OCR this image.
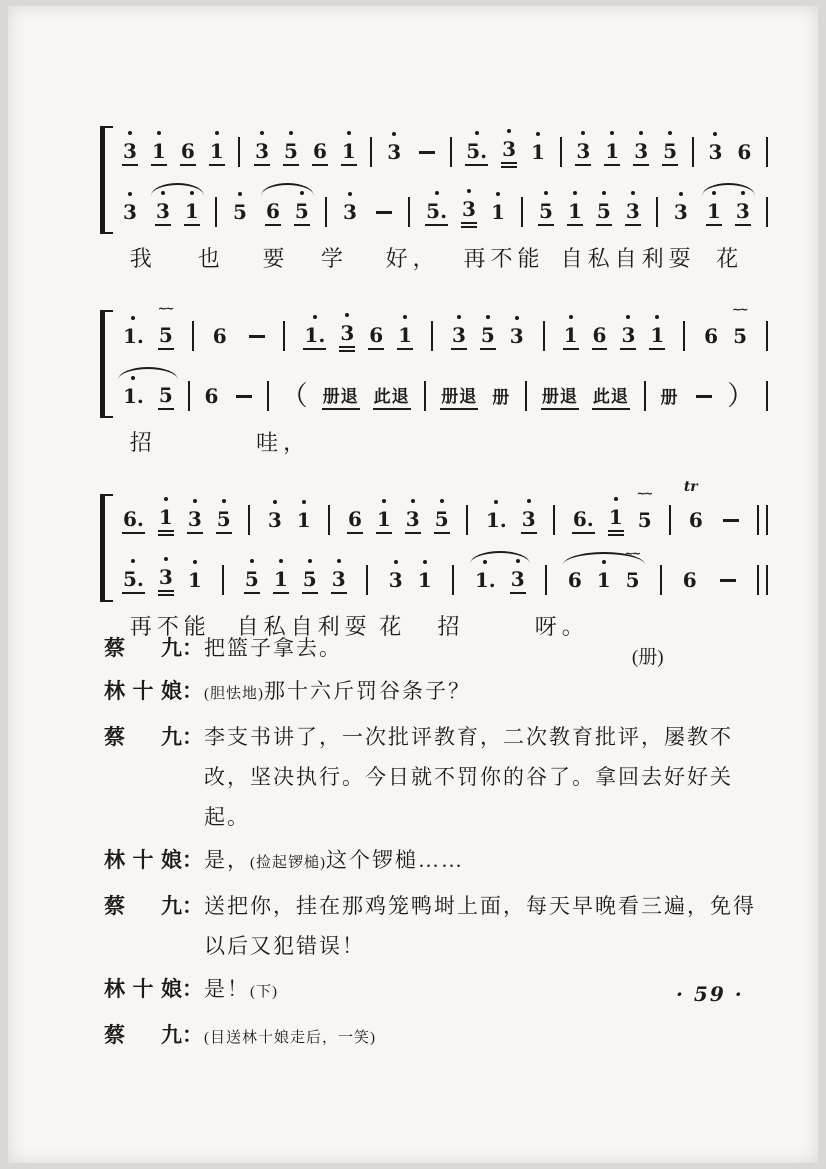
3 1 6 1 3 5 6 1 3	5. 3 1 3 1 3 5 3 6
3 3 1 5 6 5 3	5. 3 1 5 1 5 3 3 1 3
我 也 要 学 好， 再不能 自私自利耍 花
1.
∼∼
5 6	1. 3 6 1 3 5 3 1 6 3 1 6
∼∼
5
1. 5 6 （ 册退 此退 册退 册 册退 此退 册 ）
招	哇，
6. 1 3 5 3 1 6 1 3 5 1. 3 6. 1
∼∼
5
tr
6
5. 3 1 5 1 5 3 3 1 1. 3 6 1
∼∼
5 6
再不能 自私自利耍 花 招	呀。
(册)
蔡 九 ： 把篮子拿去。
林 十 娘 ： (胆怯地)那十六斤罚谷条子？
蔡 九 ： 李支书讲了，一次批评教育，二次教育批评，屡教不改，坚决执行。今日就不罚你的谷了。拿回去好好关起。
林 十 娘 ： 是，(捡起锣槌)这个锣槌……
蔡 九 ： 送把你，挂在那鸡笼鸭埘上面，每天早晚看三遍，免得以后又犯错误！
林 十 娘 ： 是！(下)
蔡 九 ： (目送林十娘走后，一笑)
· 59 ·
